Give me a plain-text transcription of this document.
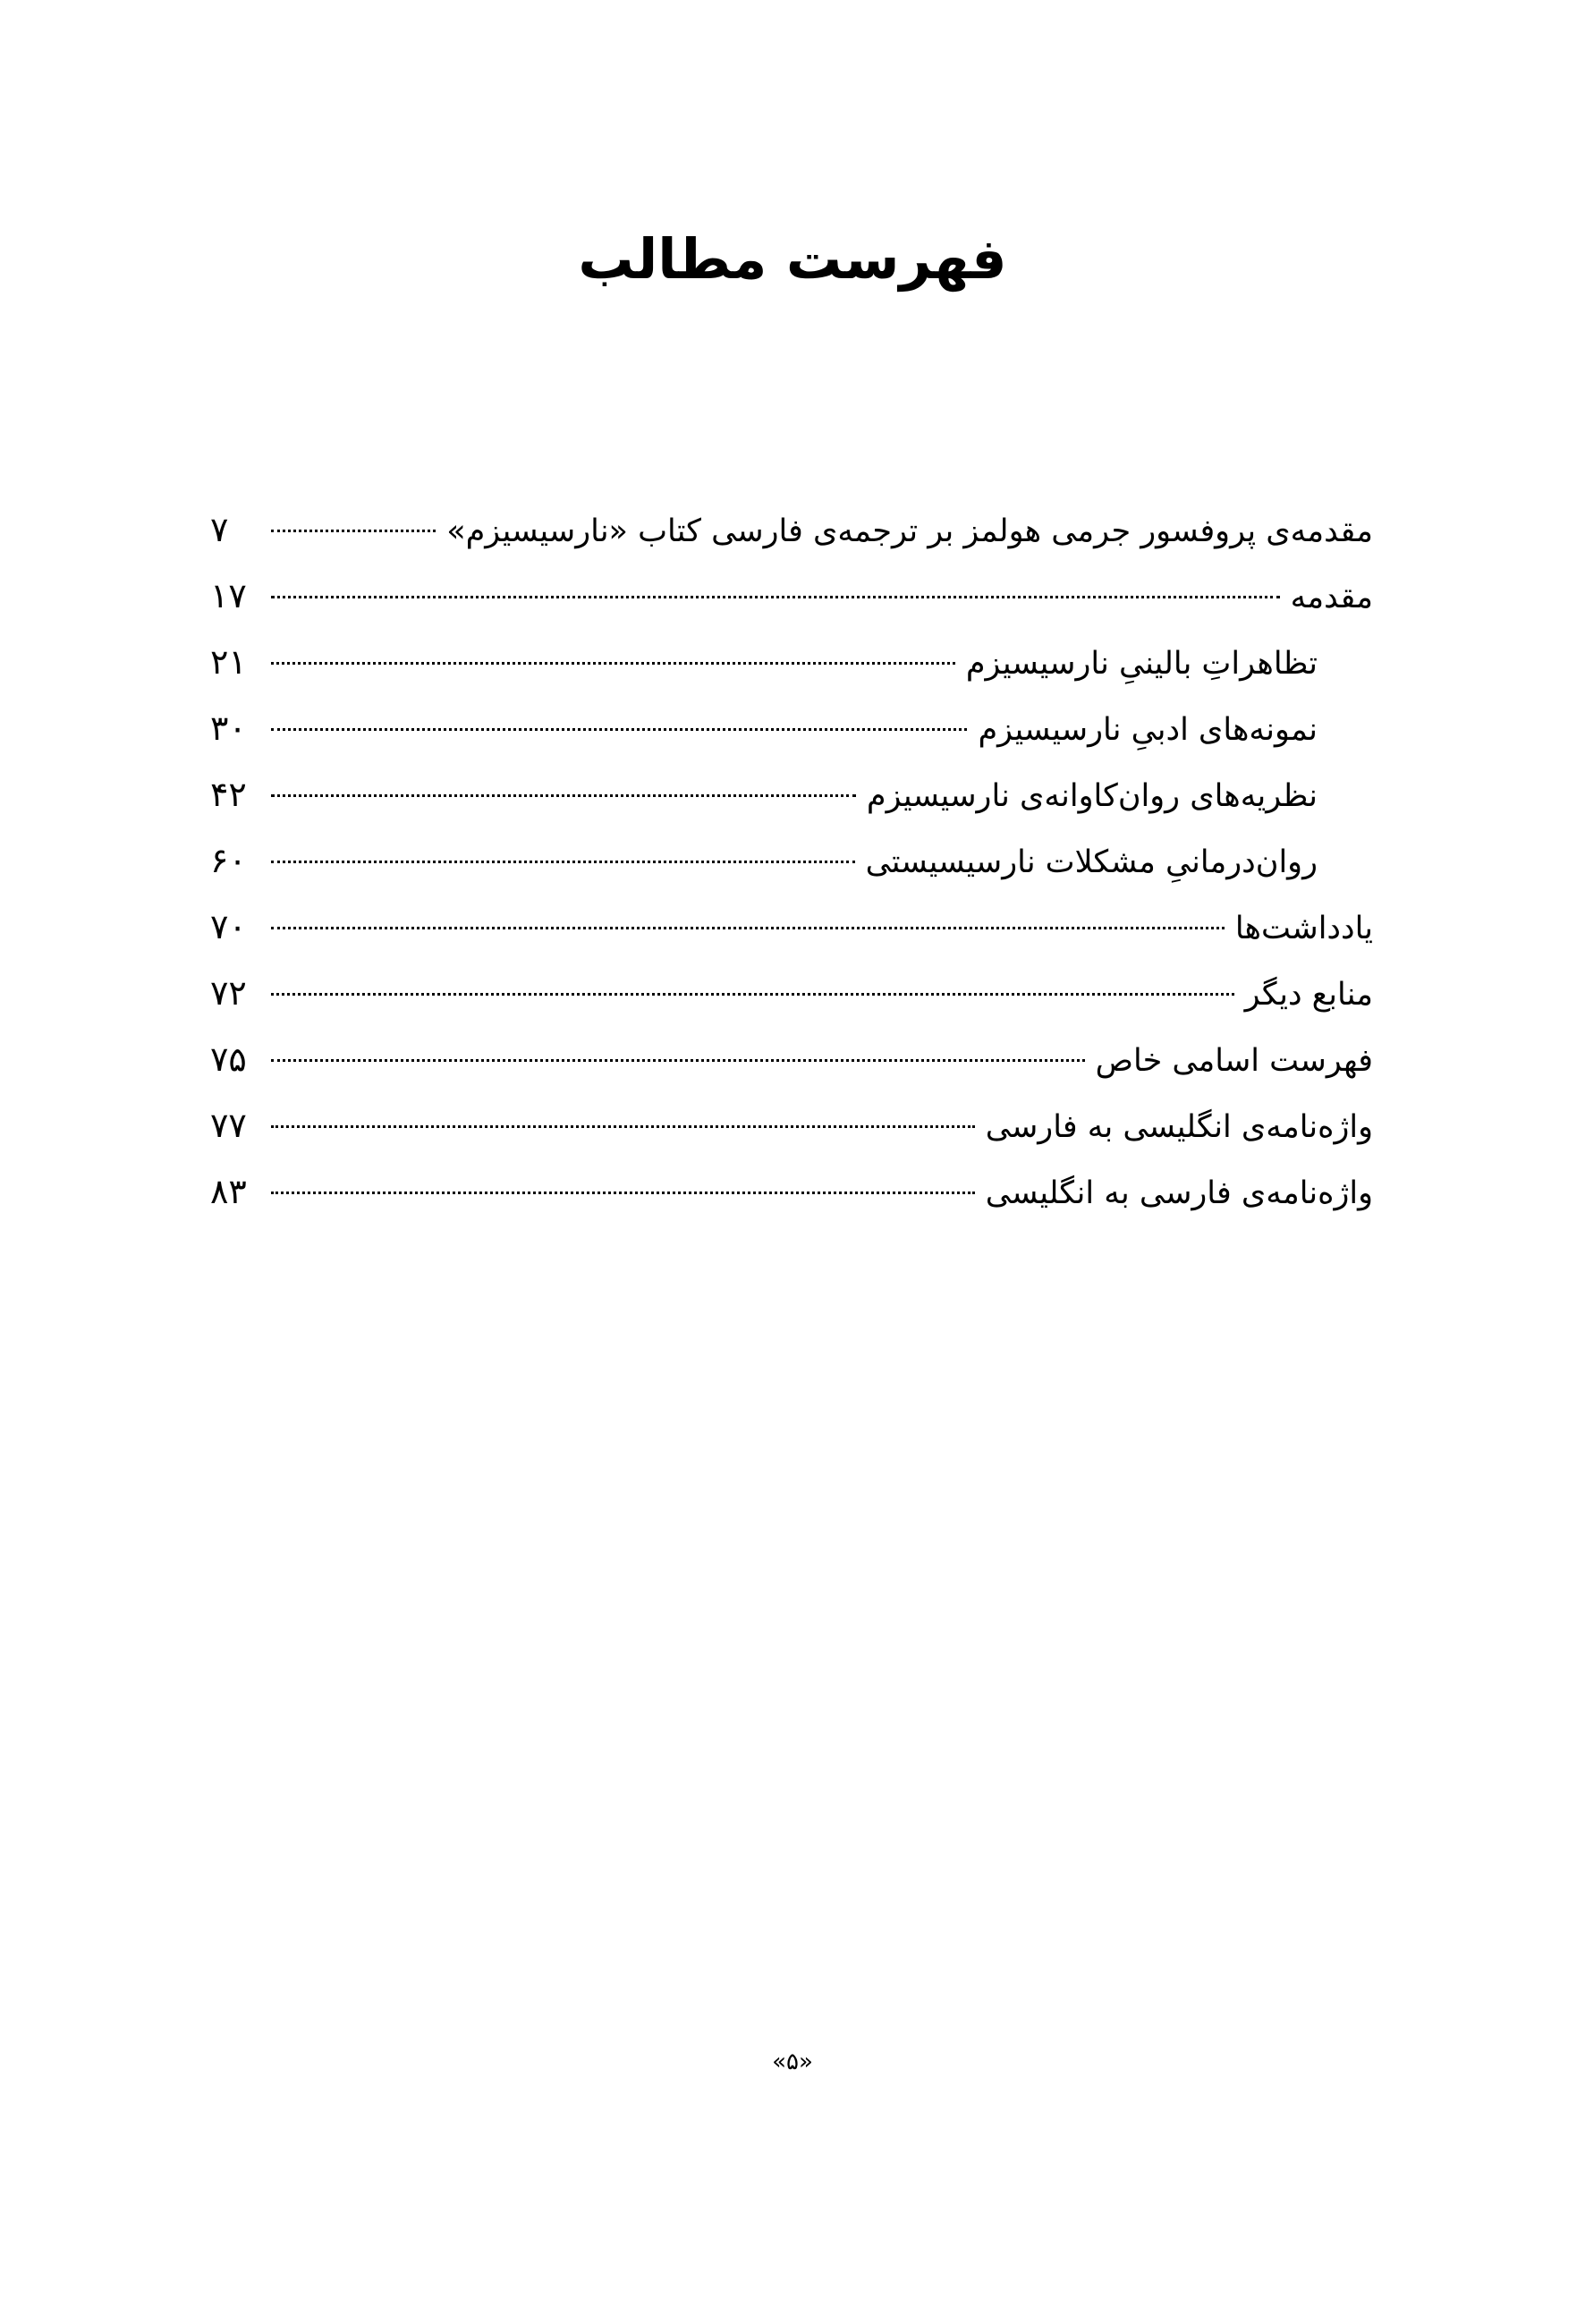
فهرست مطالب
مقدمه‌ی پروفسور جرمی هولمز بر ترجمه‌ی فارسی کتاب «نارسیسیزم»
۷
مقدمه
۱۷
تظاهراتِ بالینیِ نارسیسیزم
۲۱
نمونه‌های ادبیِ نارسیسیزم
۳۰
نظریه‌های روان‌کاوانه‌ی نارسیسیزم
۴۲
روان‌درمانیِ مشکلات نارسیسیستی
۶۰
یادداشت‌ها
۷۰
منابع دیگر
۷۲
فهرست اسامی خاص
۷۵
واژه‌نامه‌ی انگلیسی به فارسی
۷۷
واژه‌نامه‌ی فارسی به انگلیسی
۸۳
«۵»
